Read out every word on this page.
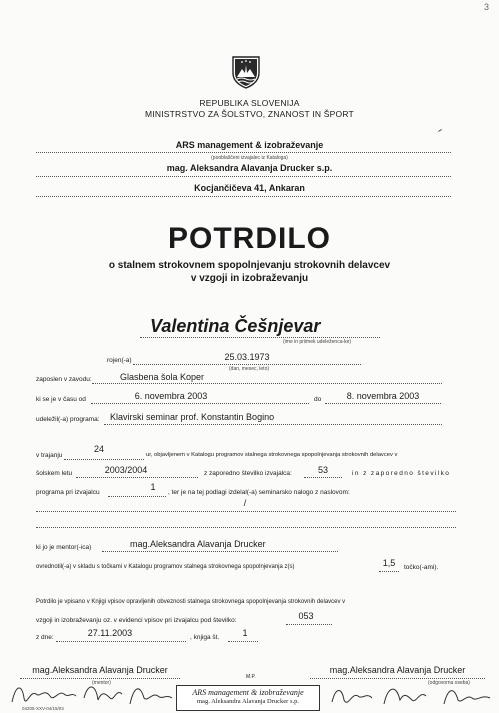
3
REPUBLIKA SLOVENIJA
MINISTRSTVO ZA ŠOLSTVO, ZNANOST IN ŠPORT
ARS management & izobraževanje
(pooblaščeni izvajalec iz Kataloga)
mag. Aleksandra Alavanja Drucker s.p.
Kocjančičeva 41, Ankaran
POTRDILO
o stalnem strokovnem spopolnjevanju strokovnih delavcev
v vzgoji in izobraževanju
Valentina Češnjevar
(ime in priimek udeleženca-ke)
rojen(-a)	25.03.1973
(dan, mesec, leto)
zaposlen v zavodu:	Glasbena šola Koper
ki se je v času od	6. novembra 2003	do	8. novembra 2003
udeležil(-a) programa: Klavirski seminar prof. Konstantin Bogino
v trajanju
24
ur, objavljenem v Katalogu programov stalnega strokovnega spopolnjevanja strokovnih delavcev v
šolskem letu	2003/2004	z zaporedno številko izvajalca:	53	in z zaporedno številko
programa pri izvajalcu
1
, ter je na tej podlagi izdelal(-a) seminarsko nalogo z naslovom:
/
ki jo je mentor(-ica)	mag.Aleksandra Alavanja Drucker
ovrednotil(-a) v skladu s točkami v Katalogu programov stalnega strokovnega spopolnjevanja z(s)	1,5	točko(-ami).
Potrdilo je vpisano v Knjigi vpisov opravljenih obveznosti stalnega strokovnega spopolnjevanja strokovnih delavcev v
vzgoji in izobraževanju oz. v evidenci vpisov pri izvajalcu pod številko:	053
z dne:	27.11.2003	, knjiga št.	1
mag.Aleksandra Alavanja Drucker
(mentor)
04205-XXV-04/15/03
M.P.
mag.Aleksandra Alavanja Drucker
(odgovorna oseba)
ARS management & izobraževanje
mag. Aleksandra Alavanja Drucker s.p.
